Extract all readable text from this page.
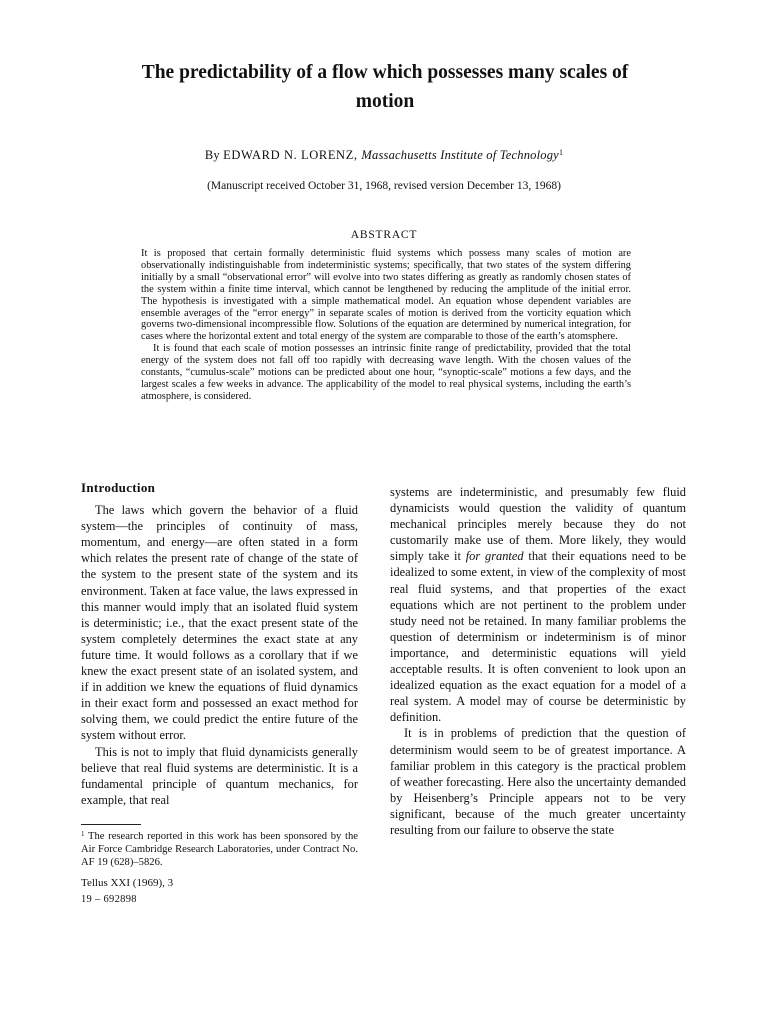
The predictability of a flow which possesses many scales of motion
By EDWARD N. LORENZ, Massachusetts Institute of Technology$^1$
(Manuscript received October 31, 1968, revised version December 13, 1968)
ABSTRACT

It is proposed that certain formally deterministic fluid systems which possess many scales of motion are observationally indistinguishable from indeterministic systems; specifically, that two states of the system differing initially by a small “observational error” will evolve into two states differing as greatly as randomly chosen states of the system within a finite time interval, which cannot be lengthened by reducing the amplitude of the initial error. The hypothesis is investigated with a simple mathematical model. An equation whose dependent variables are ensemble averages of the “error energy” in separate scales of motion is derived from the vorticity equation which governs two-dimensional incompressible flow. Solutions of the equation are determined by numerical integration, for cases where the horizontal extent and total energy of the system are comparable to those of the earth’s atomsphere.

It is found that each scale of motion possesses an intrinsic finite range of predictability, provided that the total energy of the system does not fall off too rapidly with decreasing wave length. With the chosen values of the constants, “cumulus-scale” motions can be predicted about one hour, “synoptic-scale” motions a few days, and the largest scales a few weeks in advance. The applicability of the model to real physical systems, including the earth’s atmosphere, is considered.

Introduction

The laws which govern the behavior of a fluid system—the principles of continuity of mass, momentum, and energy—are often stated in a form which relates the present rate of change of the state of the system to the present state of the system and its environment. Taken at face value, the laws expressed in this manner would imply that an isolated fluid system is deterministic; i.e., that the exact present state of the system completely determines the exact state at any future time. It would follows as a corollary that if we knew the exact present state of an isolated system, and if in addition we knew the equations of fluid dynamics in their exact form and possessed an exact method for solving them, we could predict the entire future of the system without error.

This is not to imply that fluid dynamicists generally believe that real fluid systems are deterministic. It is a fundamental principle of quantum mechanics, for example, that real

systems are indeterministic, and presumably few fluid dynamicists would question the validity of quantum mechanical principles merely because they do not customarily make use of them. More likely, they would simply take it for granted that their equations need to be idealized to some extent, in view of the complexity of most real fluid systems, and that properties of the exact equations which are not pertinent to the problem under study need not be retained. In many familiar problems the question of determinism or indeterminism is of minor importance, and deterministic equations will yield acceptable results. It is often convenient to look upon an idealized equation as the exact equation for a model of a real system. A model may of course be deterministic by definition.

It is in problems of prediction that the question of determinism would seem to be of greatest importance. A familiar problem in this category is the practical problem of weather forecasting. Here also the uncertainty demanded by Heisenberg’s Principle appears not to be very significant, because of the much greater uncertainty resulting from our failure to observe the state

$^1$ The research reported in this work has been sponsored by the Air Force Cambridge Research Laboratories, under Contract No. AF 19 (628)–5826.
Tellus XXI (1969), 3
19 – 692898
